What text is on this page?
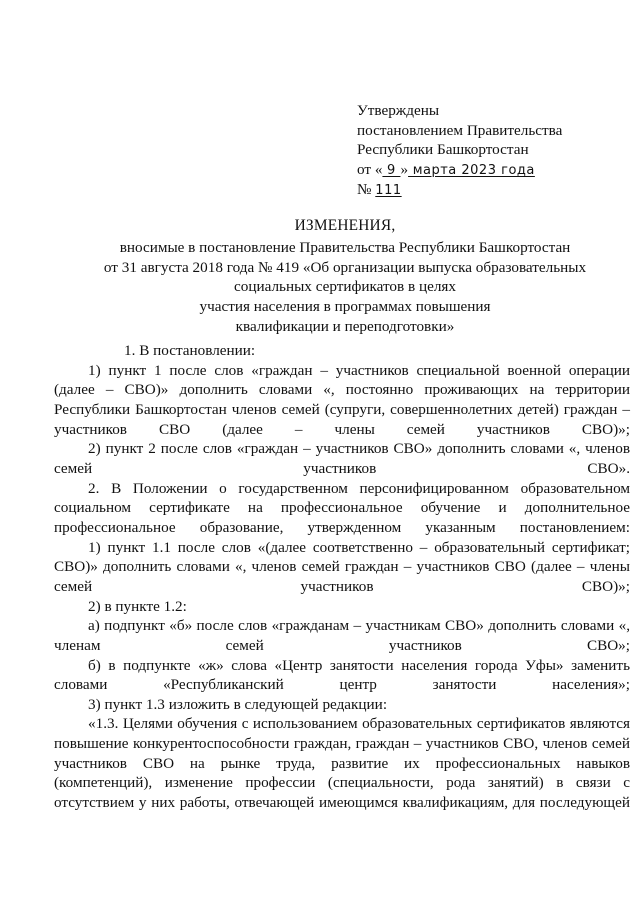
Утверждены
постановлением Правительства
Республики Башкортостан
от « 9 » марта 2023 года
№ 111
ИЗМЕНЕНИЯ,
вносимые в постановление Правительства Республики Башкортостан
от 31 августа 2018 года № 419 «Об организации выпуска образовательных
социальных сертификатов в целях
участия населения в программах повышения
квалификации и переподготовки»
1. В постановлении:
1) пункт 1 после слов «граждан – участников специальной военной операции (далее – СВО)» дополнить словами «, постоянно проживающих на территории Республики Башкортостан членов семей (супруги, совершеннолетних детей) граждан – участников СВО (далее – члены семей участников СВО)»;
2) пункт 2 после слов «граждан – участников СВО» дополнить словами «, членов семей участников СВО».
2. В Положении о государственном персонифицированном образовательном социальном сертификате на профессиональное обучение и дополнительное профессиональное образование, утвержденном указанным постановлением:
1) пункт 1.1 после слов «(далее соответственно – образовательный сертификат; СВО)» дополнить словами «, членов семей граждан – участников СВО (далее – члены семей участников СВО)»;
2) в пункте 1.2:
а) подпункт «б» после слов «гражданам – участникам СВО» дополнить словами «, членам семей участников СВО»;
б) в подпункте «ж» слова «Центр занятости населения города Уфы» заменить словами «Республиканский центр занятости населения»;
3) пункт 1.3 изложить в следующей редакции:
«1.3. Целями обучения с использованием образовательных сертификатов являются повышение конкурентоспособности граждан, граждан – участников СВО, членов семей участников СВО на рынке труда, развитие их профессиональных навыков (компетенций), изменение профессии (специальности, рода занятий) в связи с отсутствием у них работы, отвечающей имеющимся квалификациям, для последующей
